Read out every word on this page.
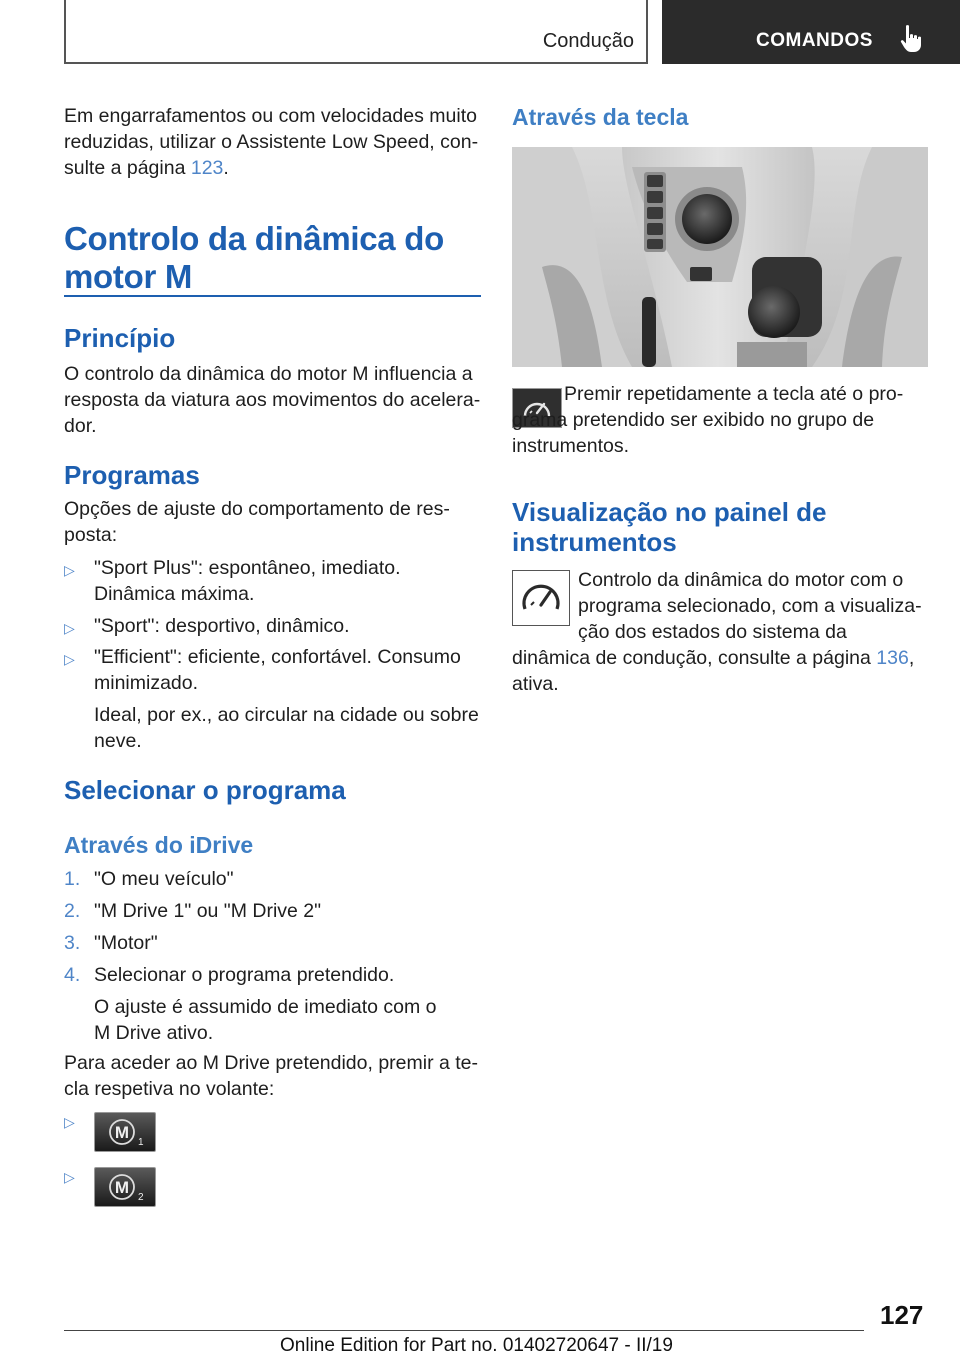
Condução	COMANDOS

Em engarrafamentos ou com velocidades muito reduzidas, utilizar o Assistente Low Speed, con-sulte a página 123.

Controlo da dinâmica do
motor M
Princípio

O controlo da dinâmica do motor M influencia a resposta da viatura aos movimentos do acelera-dor.

Programas

Opções de ajuste do comportamento de res-posta:

▷ "Sport Plus": espontâneo, imediato. Dinâmica máxima.
▷ "Sport": desportivo, dinâmico.
▷ "Efficient": eficiente, confortável. Consumo minimizado.
Ideal, por ex., ao circular na cidade ou sobre neve.
Selecionar o programa
Através do iDrive
1. "O meu veículo"
2. "M Drive 1" ou "M Drive 2"
3. "Motor"
4. Selecionar o programa pretendido.
O ajuste é assumido de imediato com o M Drive ativo.

Para aceder ao M Drive pretendido, premir a te-cla respetiva no volante:

▷
M
1
▷
M
2
Através da tecla

Premir repetidamente a tecla até o pro-grama pretendido ser exibido no grupo de instrumentos.

Visualização no painel de
instrumentos
Controlo da dinâmica do motor com o programa selecionado, com a visualiza-ção dos estados do sistema da dinâmica de condução, consulte a página 136, ativa.
127
Online Edition for Part no. 01402720647 - II/19
